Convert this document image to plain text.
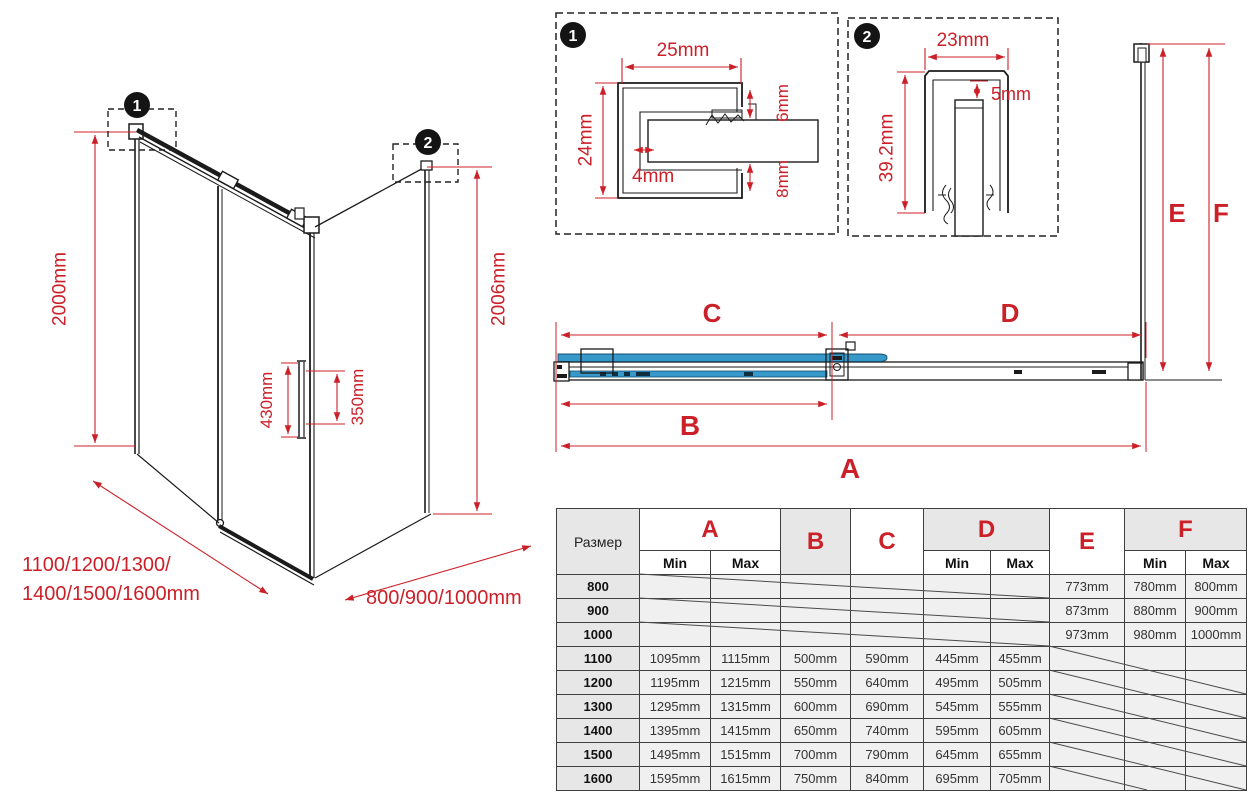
430mm	350mm
2000mm	2006mm
1100/1200/1300/
1400/1500/1600mm	800/900/1000mm
1
2
1
25mm
24mm
4mm
6mm
8mm
2	23mm
5mm
39.2mm
C	D
B
A
E F
Размер	A		B	C	D		E	F	
	Min	Max			Min	Max		Min	Max
800							773mm	780mm	800mm
900							873mm	880mm	900mm
1000							973mm	980mm	1000mm
1100	1095mm	1115mm	500mm	590mm	445mm	455mm			
1200	1195mm	1215mm	550mm	640mm	495mm	505mm			
1300	1295mm	1315mm	600mm	690mm	545mm	555mm			
1400	1395mm	1415mm	650mm	740mm	595mm	605mm			
1500	1495mm	1515mm	700mm	790mm	645mm	655mm			
1600	1595mm	1615mm	750mm	840mm	695mm	705mm			
